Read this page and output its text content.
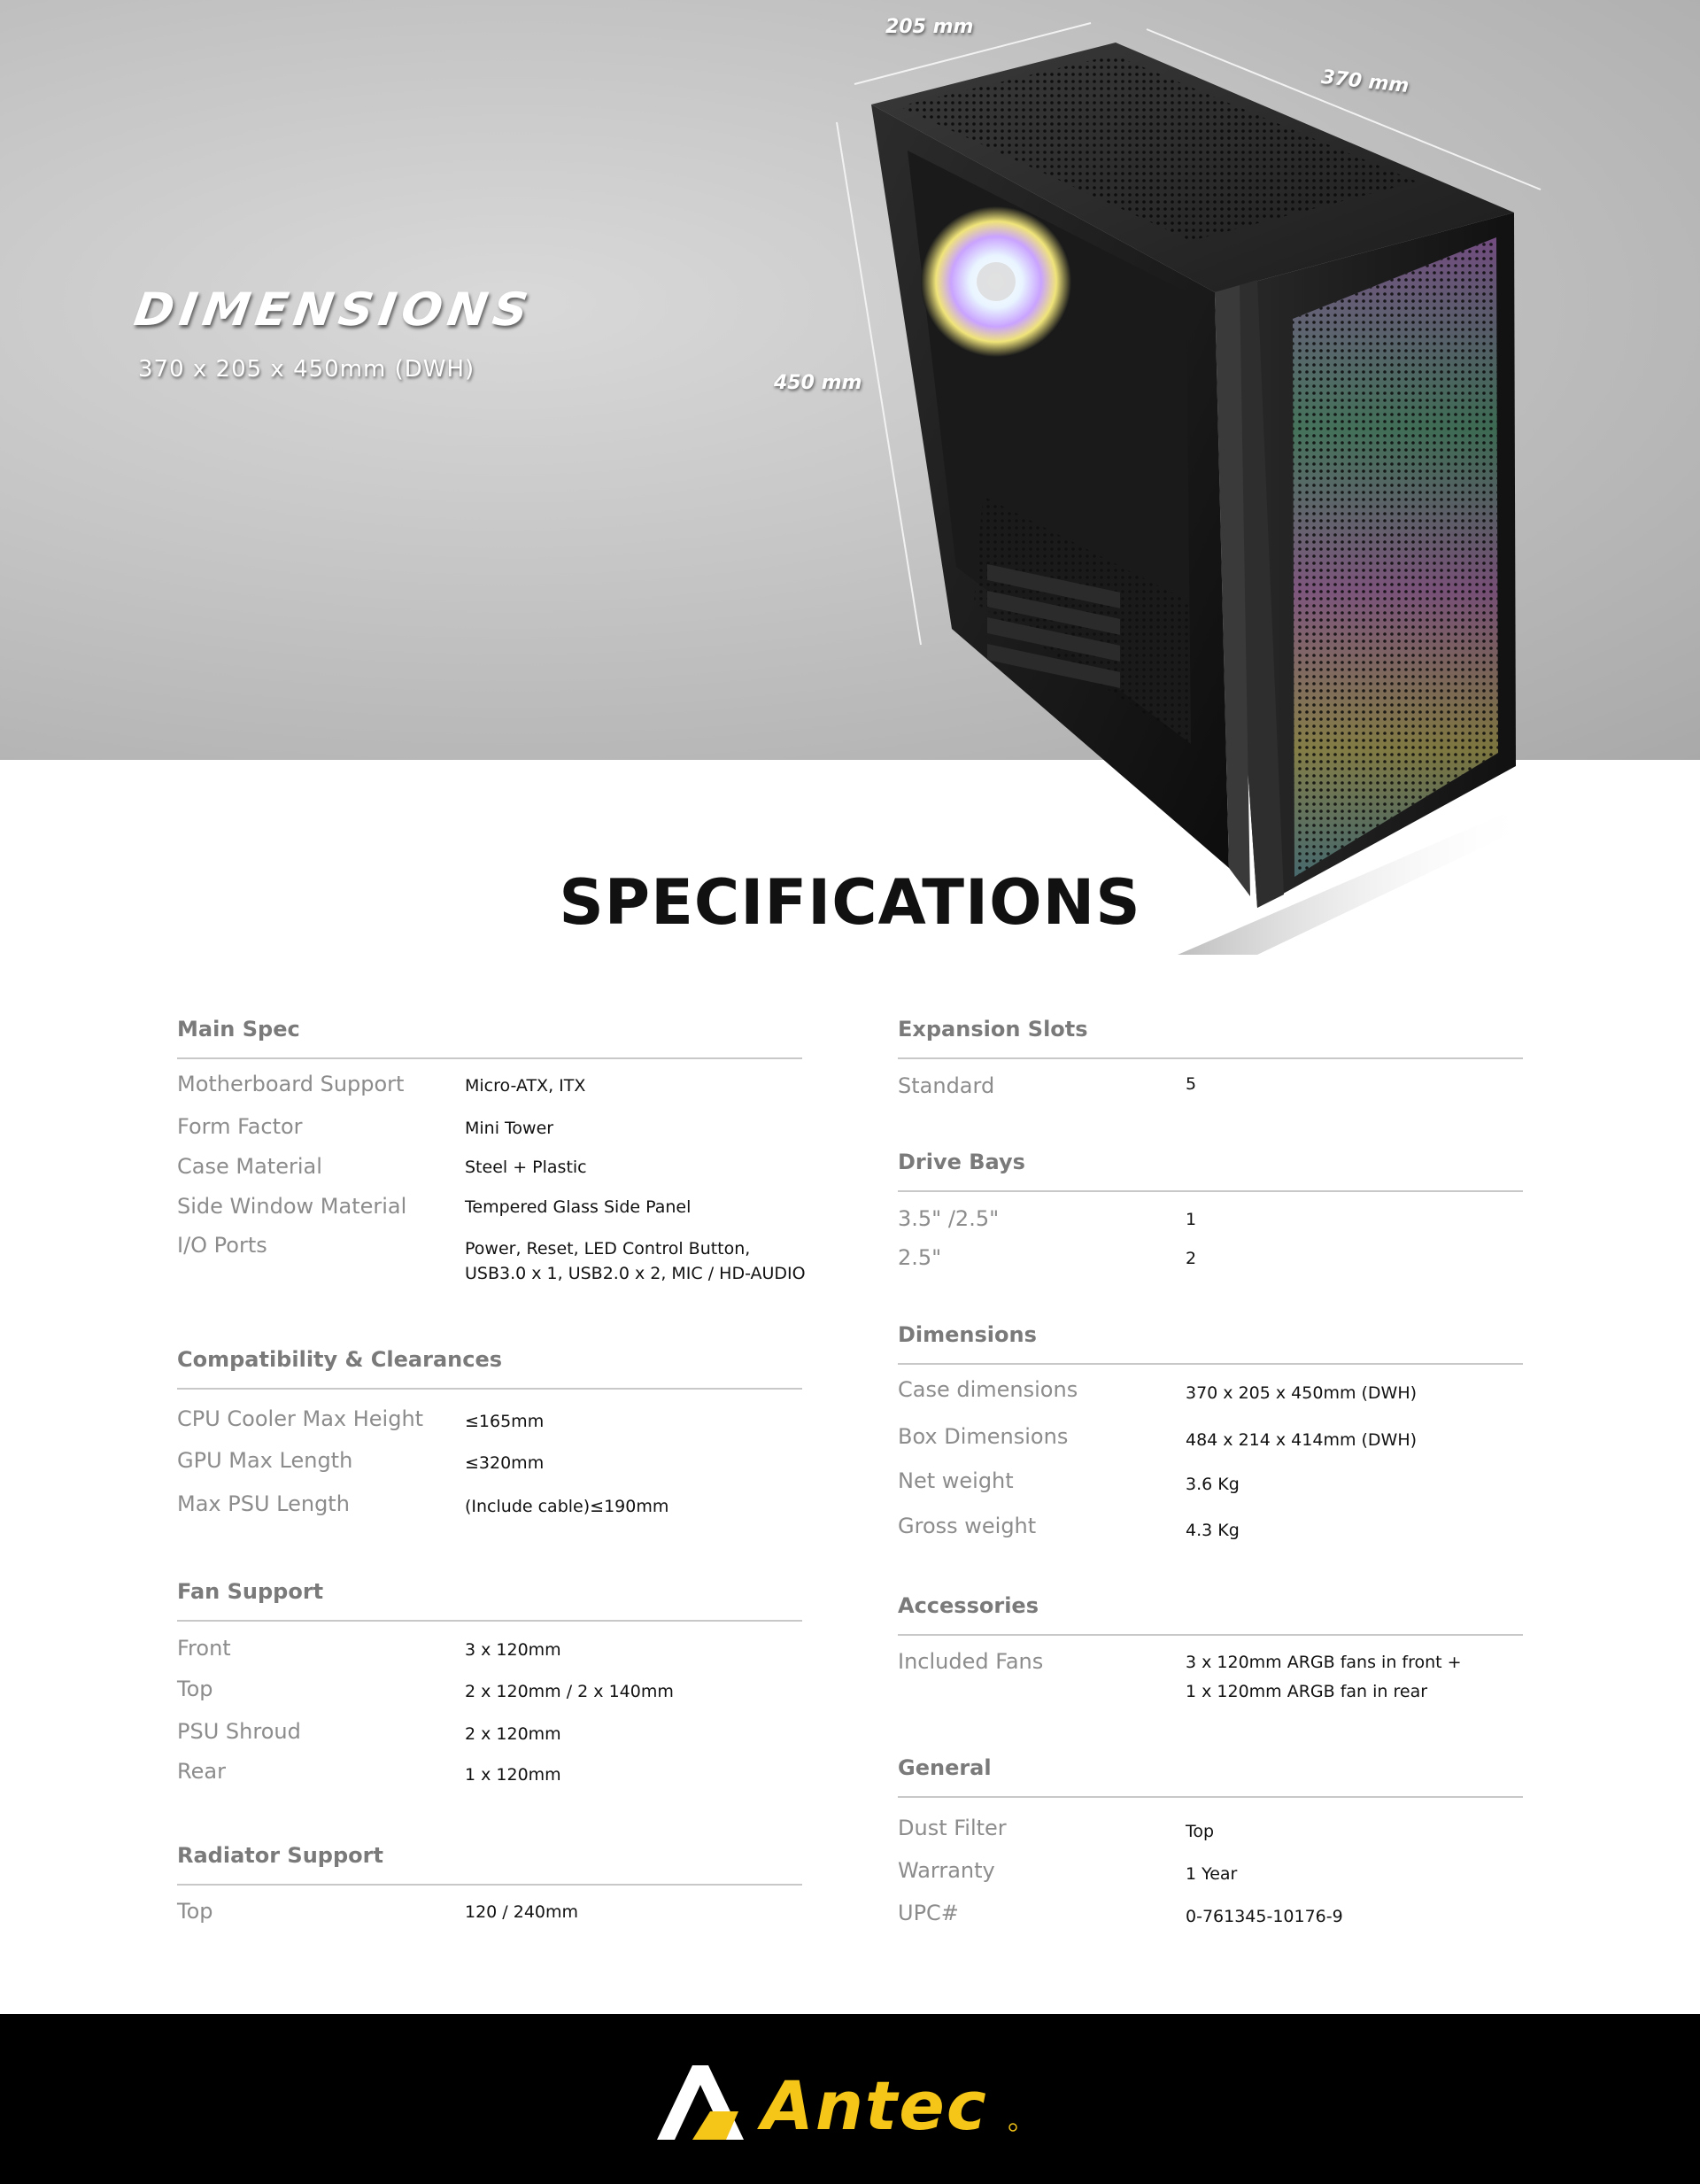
DIMENSIONS
370 x 205 x 450mm (DWH)
205 mm
370 mm
450 mm
SPECIFICATIONS
Main Spec
Motherboard Support	Micro-ATX, ITX
Form Factor	Mini Tower
Case Material	Steel + Plastic
Side Window Material	Tempered Glass Side Panel
I/O Ports	Power, Reset, LED Control Button,
USB3.0 x 1, USB2.0 x 2, MIC / HD-AUDIO
Compatibility & Clearances
CPU Cooler Max Height ≤165mm
GPU Max Length	≤320mm
Max PSU Length	(Include cable)≤190mm
Fan Support
Front	3 x 120mm
Top	2 x 120mm / 2 x 140mm
PSU Shroud	2 x 120mm
Rear	1 x 120mm
Radiator Support
Top	120 / 240mm
Expansion Slots
Standard	5
Drive Bays
3.5" /2.5"	1
2.5"	2
Dimensions
Case dimensions	370 x 205 x 450mm (DWH)
Box Dimensions	484 x 214 x 414mm (DWH)
Net weight	3.6 Kg
Gross weight	4.3 Kg
Accessories
Included Fans	3 x 120mm ARGB fans in front +
1 x 120mm ARGB fan in rear
General
Dust Filter	Top
Warranty	1 Year
UPC#	0-761345-10176-9
Antec
